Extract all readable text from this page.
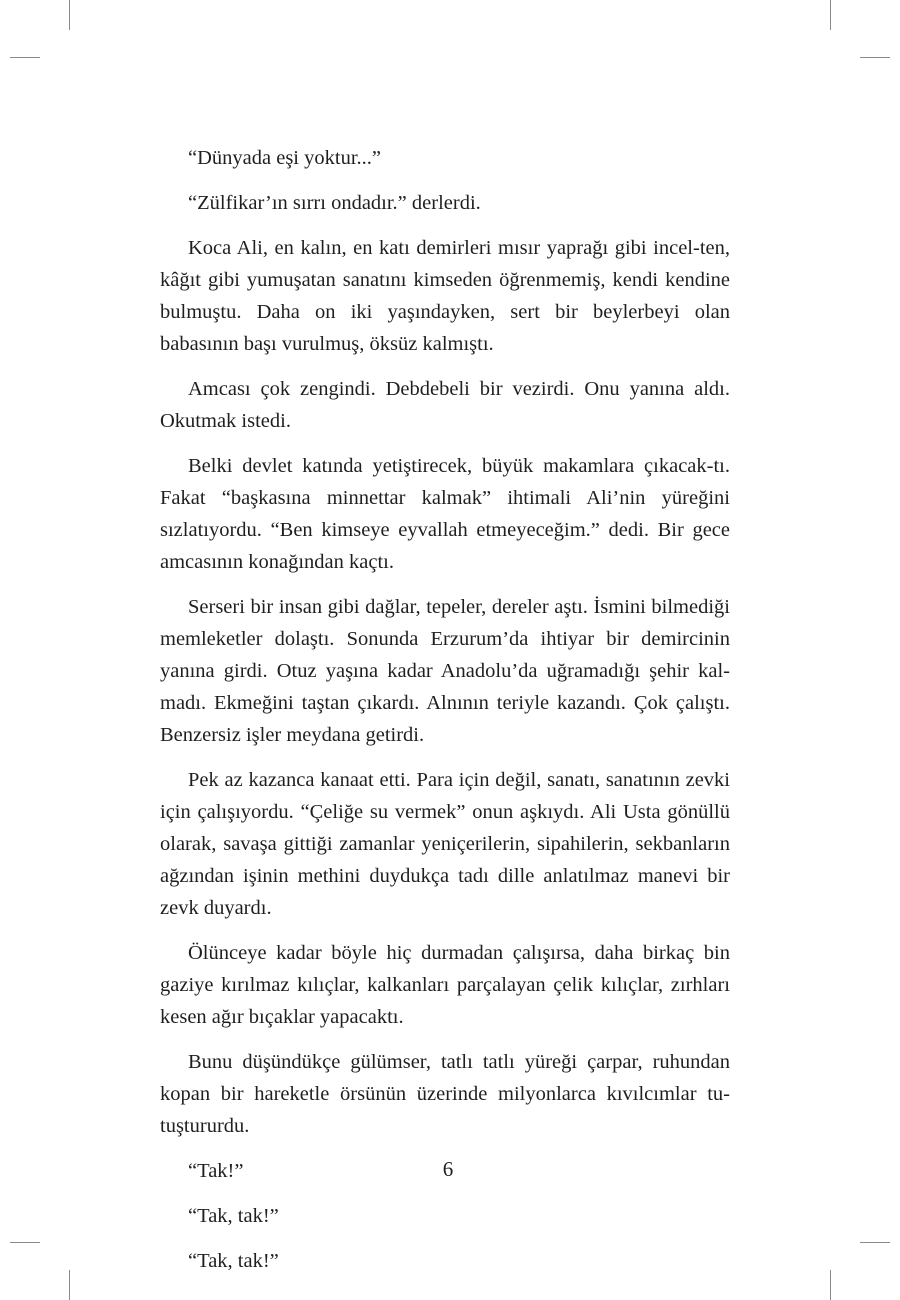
“Dünyada eşi yoktur...”

“Zülfikar’ın sırrı ondadır.” derlerdi.

Koca Ali, en kalın, en katı demirleri mısır yaprağı gibi incel-ten, kâğıt gibi yumuşatan sanatını kimseden öğrenmemiş, kendi kendine bulmuştu. Daha on iki yaşındayken, sert bir beylerbeyi olan babasının başı vurulmuş, öksüz kalmıştı.

Amcası çok zengindi. Debdebeli bir vezirdi. Onu yanına aldı. Okutmak istedi.

Belki devlet katında yetiştirecek, büyük makamlara çıkacak-tı. Fakat “başkasına minnettar kalmak” ihtimali Ali’nin yüreğini sızlatıyordu. “Ben kimseye eyvallah etmeyeceğim.” dedi. Bir gece amcasının konağından kaçtı.

Serseri bir insan gibi dağlar, tepeler, dereler aştı. İsmini bilmediği memleketler dolaştı. Sonunda Erzurum’da ihtiyar bir demircinin yanına girdi. Otuz yaşına kadar Anadolu’da uğramadığı şehir kal-madı. Ekmeğini taştan çıkardı. Alnının teriyle kazandı. Çok çalıştı. Benzersiz işler meydana getirdi.

Pek az kazanca kanaat etti. Para için değil, sanatı, sanatının zevki için çalışıyordu. “Çeliğe su vermek” onun aşkıydı. Ali Usta gönüllü olarak, savaşa gittiği zamanlar yeniçerilerin, sipahilerin, sekbanların ağzından işinin methini duydukça tadı dille anlatılmaz manevi bir zevk duyardı.

Ölünceye kadar böyle hiç durmadan çalışırsa, daha birkaç bin gaziye kırılmaz kılıçlar, kalkanları parçalayan çelik kılıçlar, zırhları kesen ağır bıçaklar yapacaktı.

Bunu düşündükçe gülümser, tatlı tatlı yüreği çarpar, ruhundan kopan bir hareketle örsünün üzerinde milyonlarca kıvılcımlar tu-tuştururdu.

“Tak!”

“Tak, tak!”

“Tak, tak!”

6
